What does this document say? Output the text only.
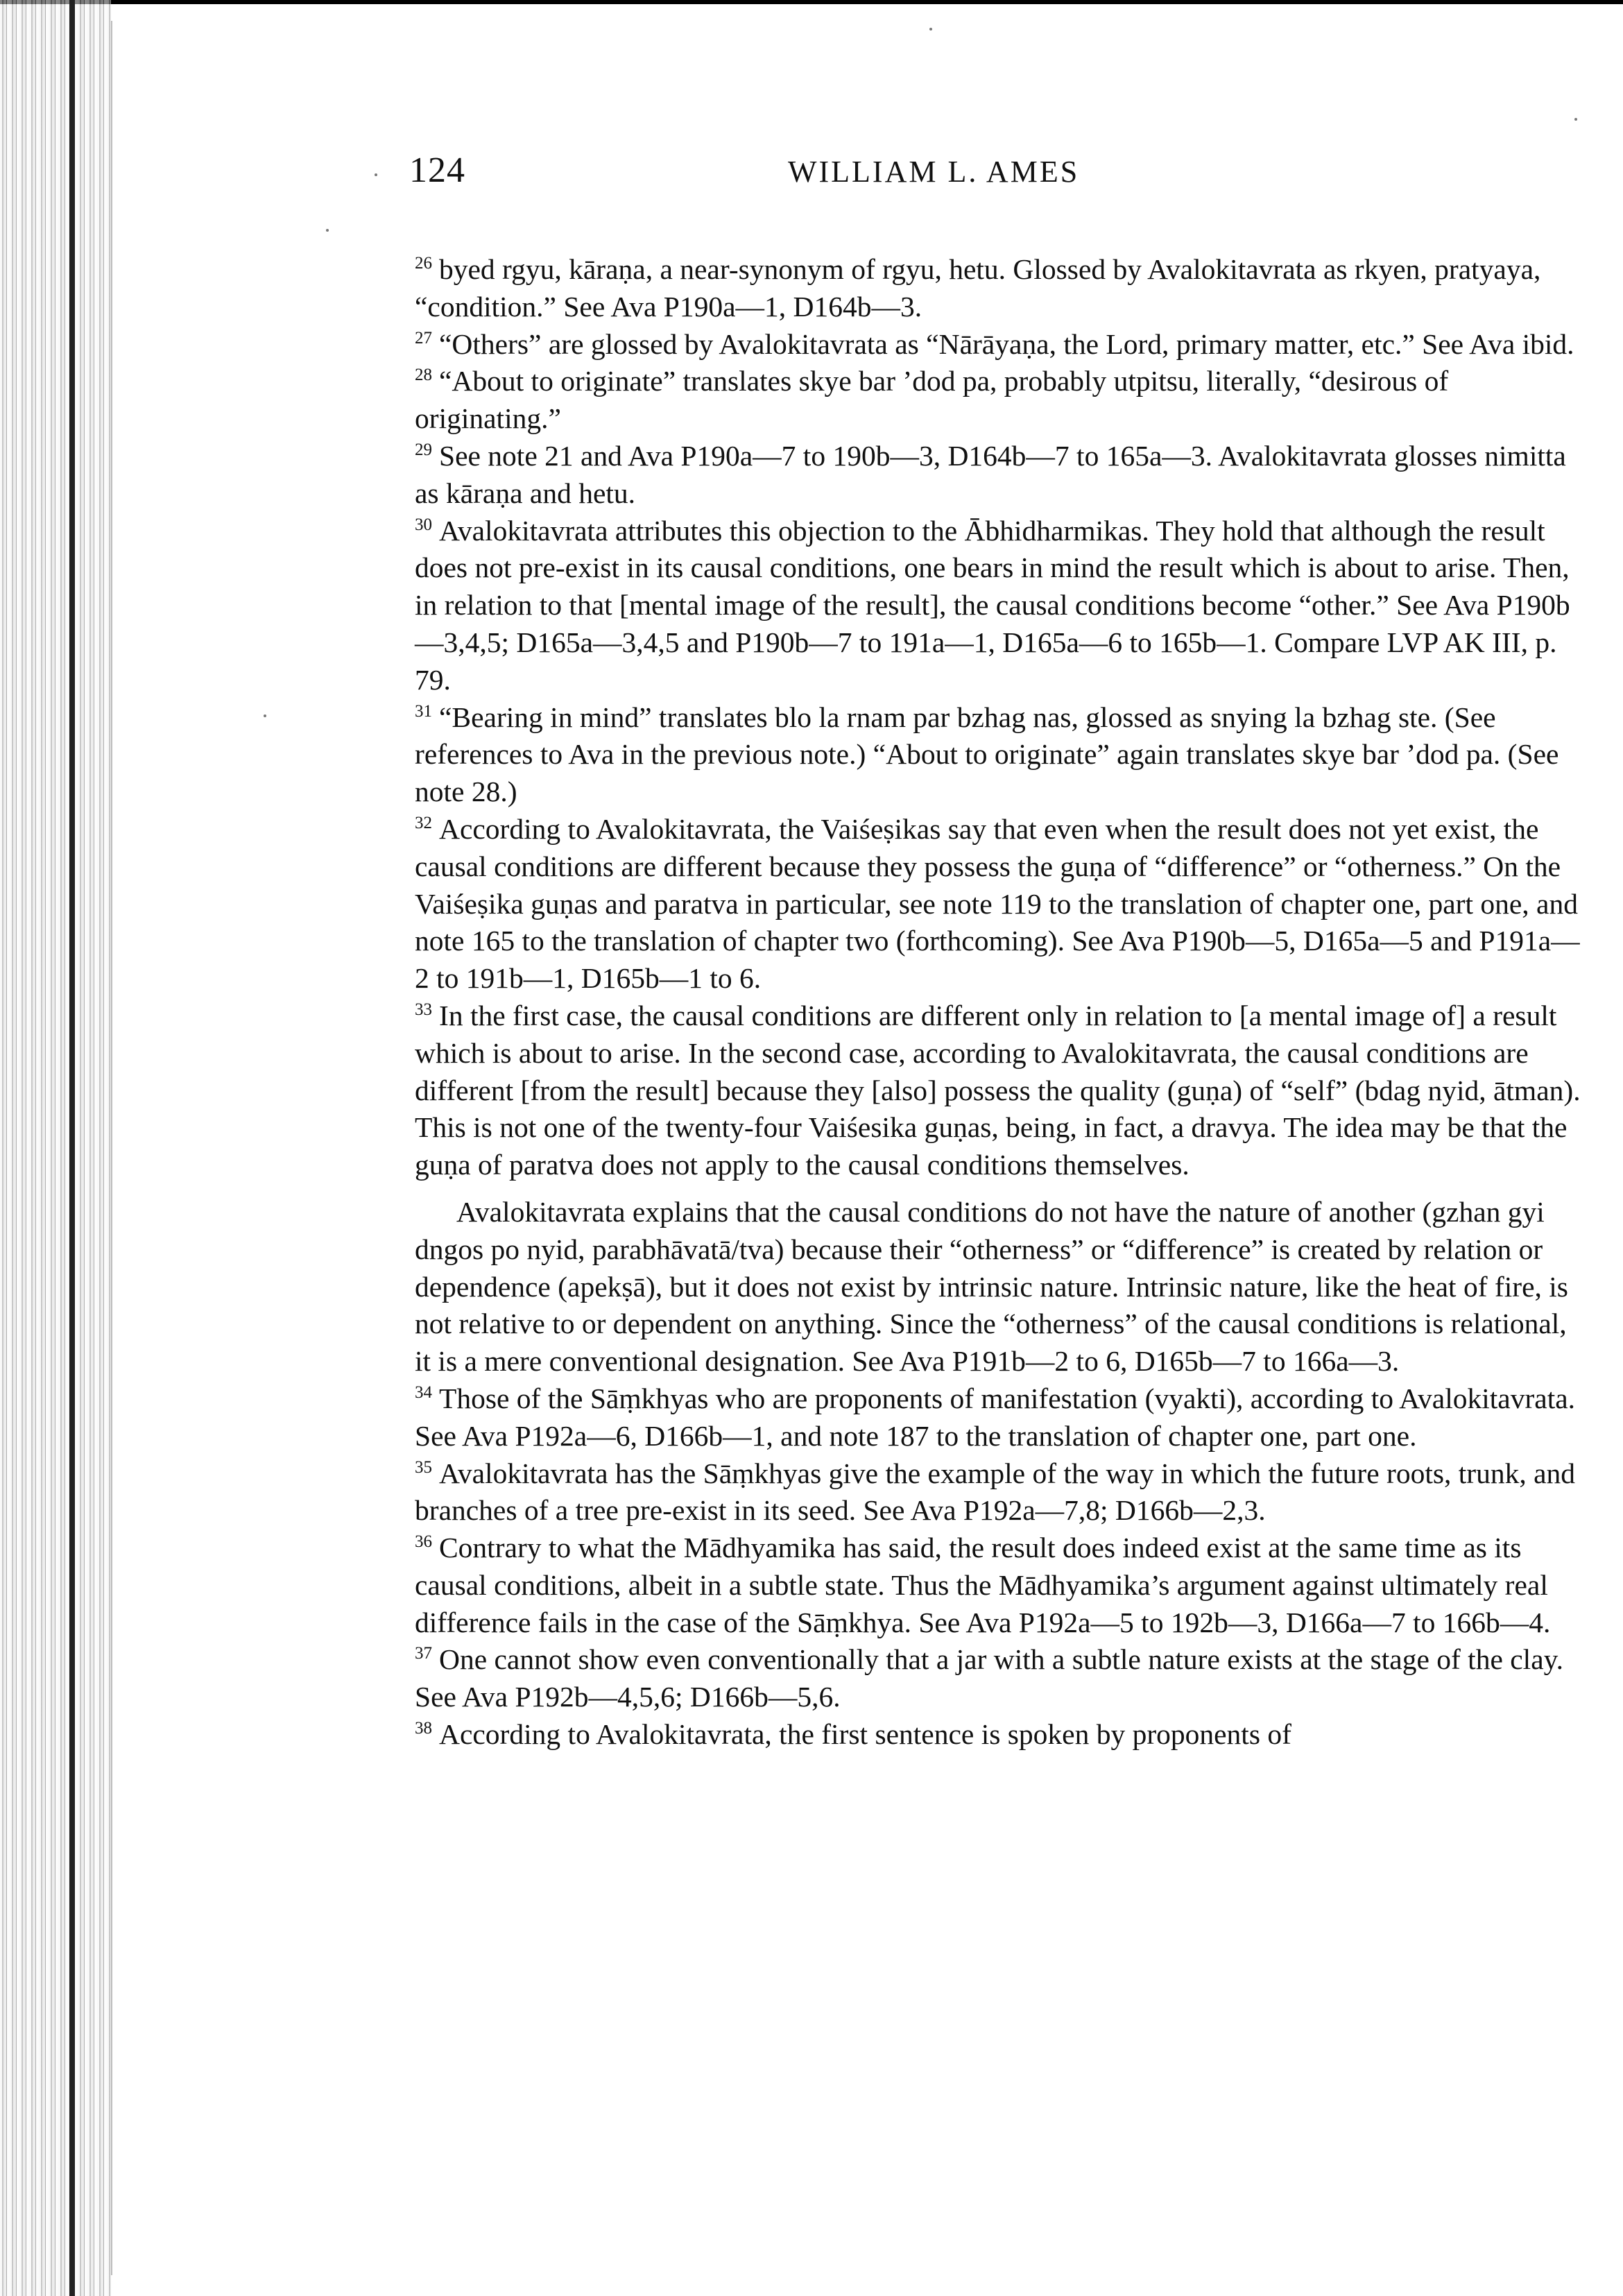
124	WILLIAM L. AMES

$^{26}$ byed rgyu, kāraṇa, a near-synonym of rgyu, hetu. Glossed by Avalokitavrata as rkyen, pratyaya, “condition.” See Ava P190a—1, D164b—3.

$^{27}$ “Others” are glossed by Avalokitavrata as “Nārāyaṇa, the Lord, primary matter, etc.” See Ava ibid.

$^{28}$ “About to originate” translates skye bar ’dod pa, probably utpitsu, literally, “desirous of originating.”

$^{29}$ See note 21 and Ava P190a—7 to 190b—3, D164b—7 to 165a—3. Avalokitavrata glosses nimitta as kāraṇa and hetu.

$^{30}$ Avalokitavrata attributes this objection to the Ābhidharmikas. They hold that although the result does not pre-exist in its causal conditions, one bears in mind the result which is about to arise. Then, in relation to that [mental image of the result], the causal conditions become “other.” See Ava P190b—3,4,5; D165a—3,4,5 and P190b—7 to 191a—1, D165a—6 to 165b—1. Compare LVP AK III, p. 79.

$^{31}$ “Bearing in mind” translates blo la rnam par bzhag nas, glossed as snying la bzhag ste. (See references to Ava in the previous note.) “About to originate” again translates skye bar ’dod pa. (See note 28.)

$^{32}$ According to Avalokitavrata, the Vaiśeṣikas say that even when the result does not yet exist, the causal conditions are different because they possess the guṇa of “difference” or “otherness.” On the Vaiśeṣika guṇas and paratva in particular, see note 119 to the translation of chapter one, part one, and note 165 to the translation of chapter two (forthcoming). See Ava P190b—5, D165a—5 and P191a—2 to 191b—1, D165b—1 to 6.

$^{33}$ In the first case, the causal conditions are different only in relation to [a mental image of] a result which is about to arise. In the second case, according to Avalokitavrata, the causal conditions are different [from the result] because they [also] possess the quality (guṇa) of “self” (bdag nyid, ātman). This is not one of the twenty-four Vaiśesika guṇas, being, in fact, a dravya. The idea may be that the guṇa of paratva does not apply to the causal conditions themselves.

Avalokitavrata explains that the causal conditions do not have the nature of another (gzhan gyi dngos po nyid, parabhāvatā/tva) because their “otherness” or “difference” is created by relation or dependence (apekṣā), but it does not exist by intrinsic nature. Intrinsic nature, like the heat of fire, is not relative to or dependent on anything. Since the “otherness” of the causal conditions is relational, it is a mere conventional designation. See Ava P191b—2 to 6, D165b—7 to 166a—3.

$^{34}$ Those of the Sāṃkhyas who are proponents of manifestation (vyakti), according to Avalokitavrata. See Ava P192a—6, D166b—1, and note 187 to the translation of chapter one, part one.

$^{35}$ Avalokitavrata has the Sāṃkhyas give the example of the way in which the future roots, trunk, and branches of a tree pre-exist in its seed. See Ava P192a—7,8; D166b—2,3.

$^{36}$ Contrary to what the Mādhyamika has said, the result does indeed exist at the same time as its causal conditions, albeit in a subtle state. Thus the Mādhyamika’s argument against ultimately real difference fails in the case of the Sāṃkhya. See Ava P192a—5 to 192b—3, D166a—7 to 166b—4.

$^{37}$ One cannot show even conventionally that a jar with a subtle nature exists at the stage of the clay. See Ava P192b—4,5,6; D166b—5,6.

$^{38}$ According to Avalokitavrata, the first sentence is spoken by proponents of
